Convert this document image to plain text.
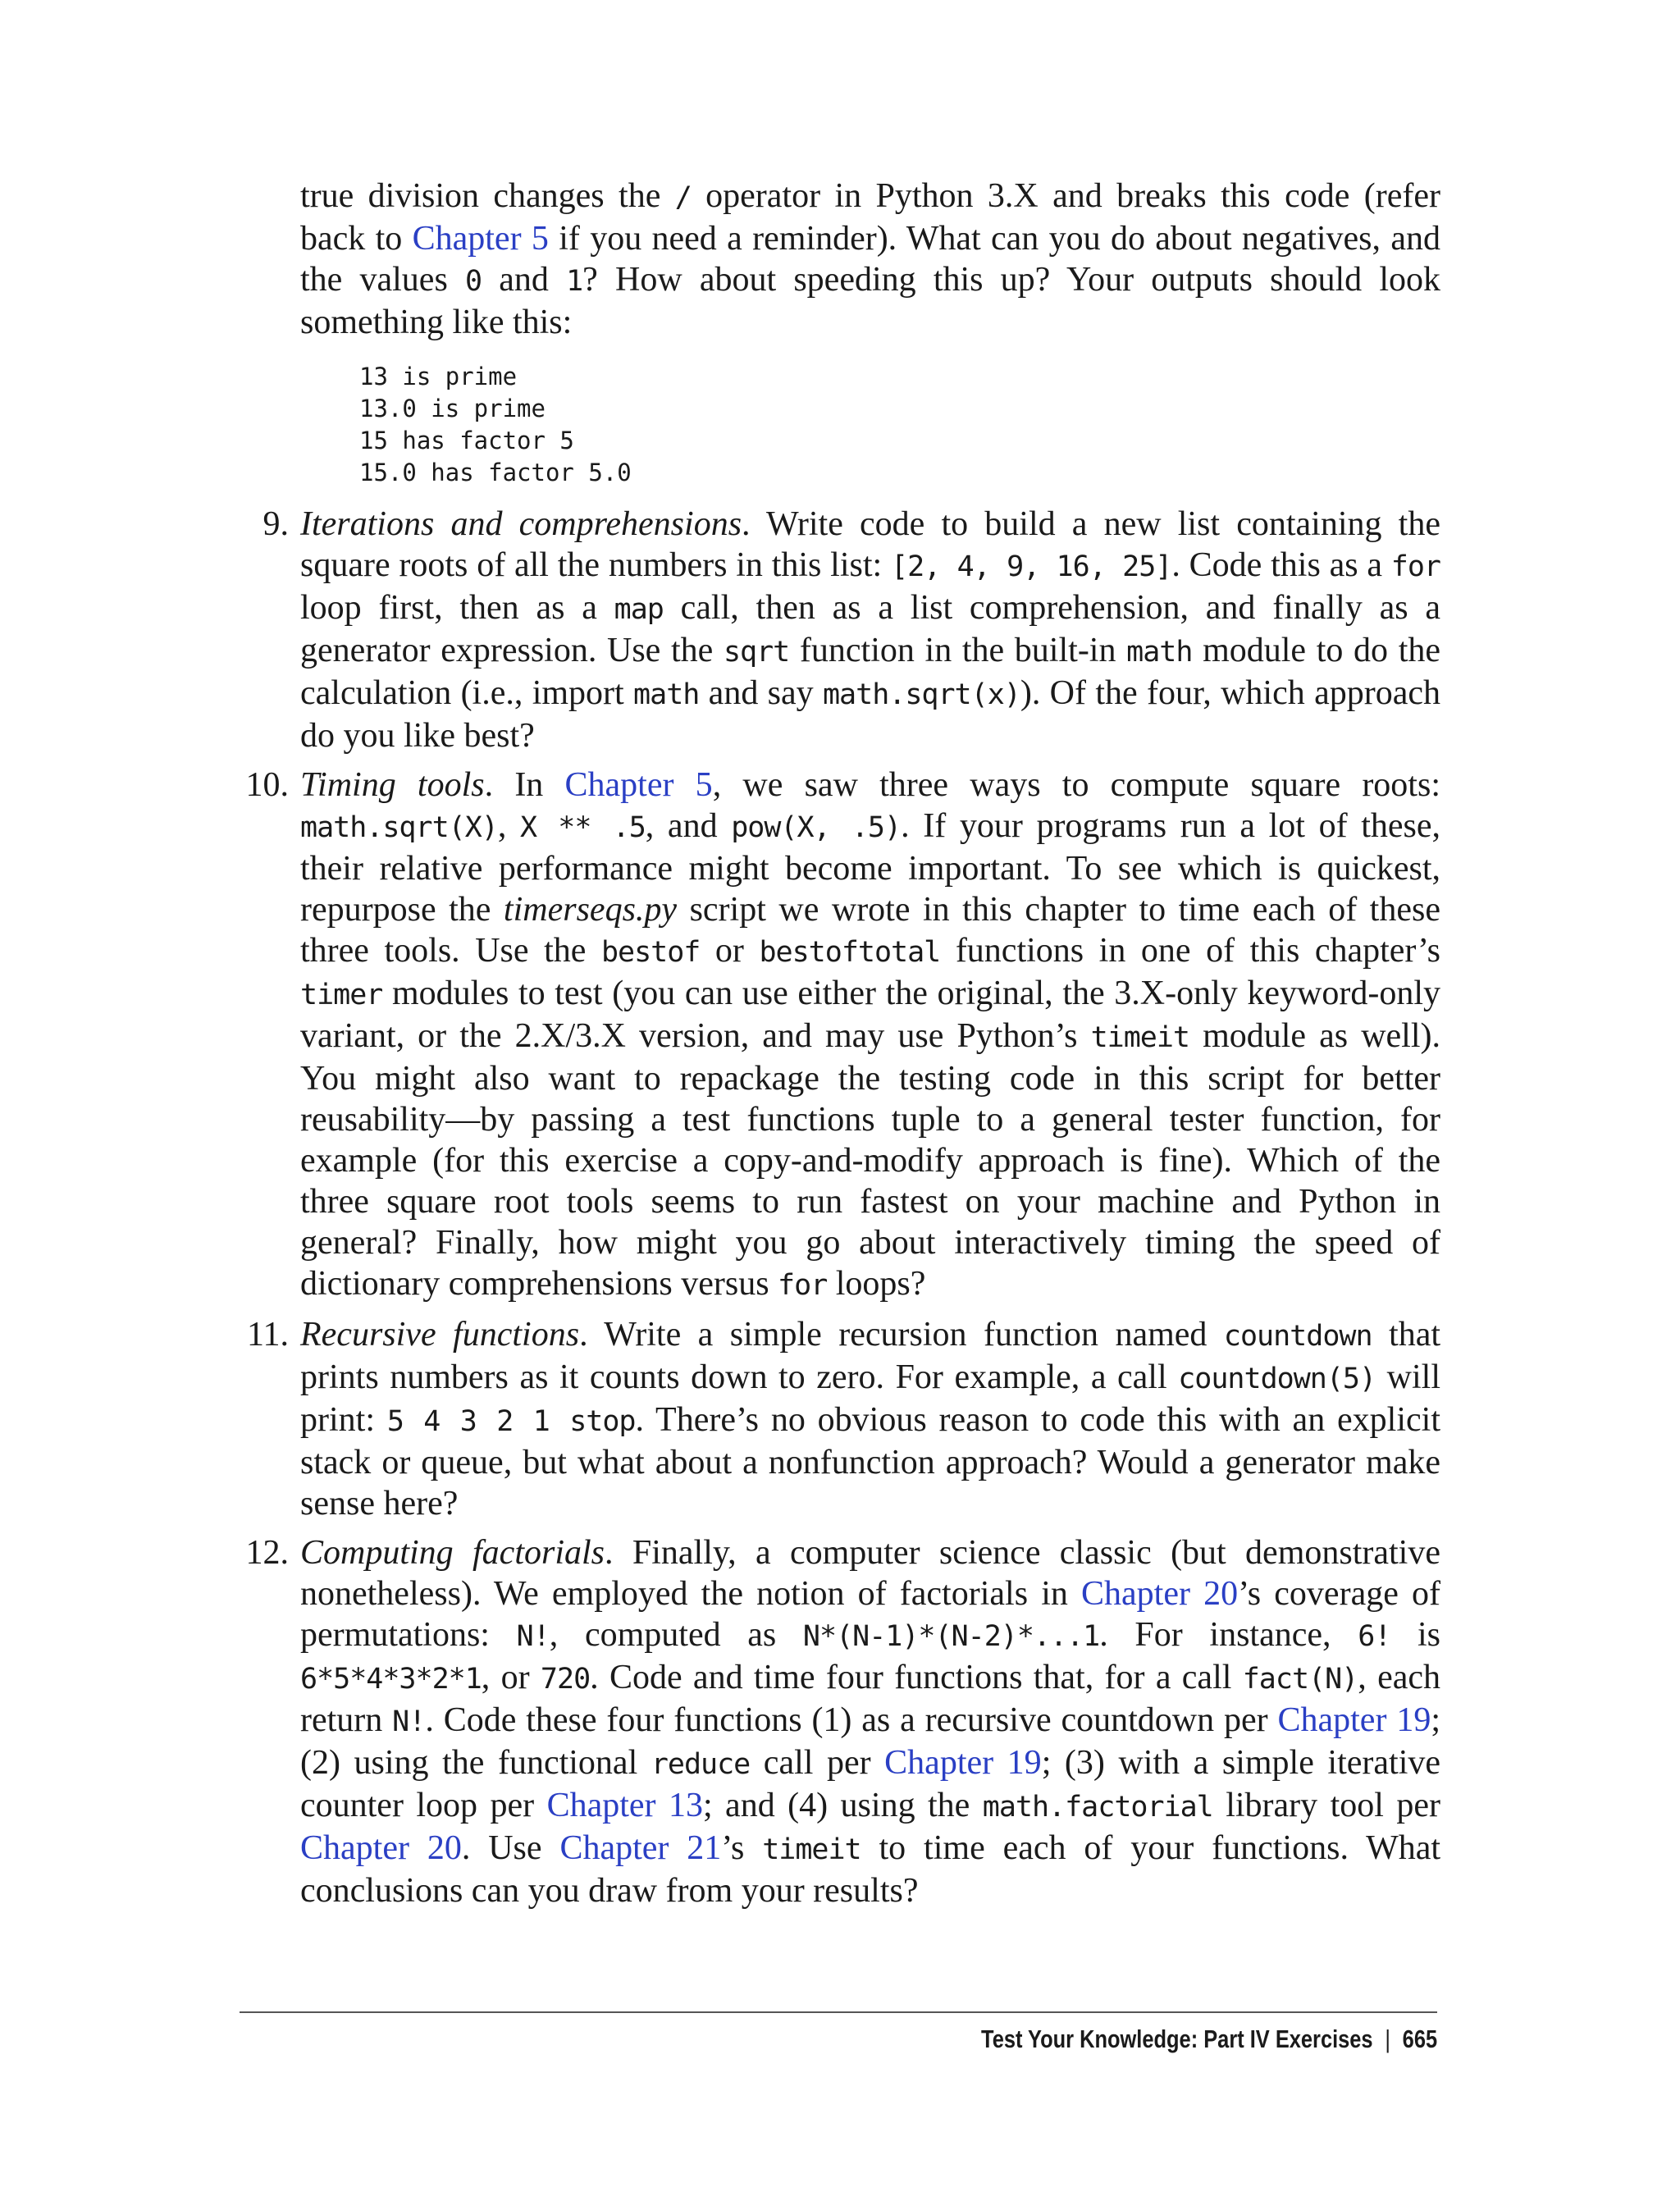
true division changes the / operator in Python 3.X and breaks this code (refer back to Chapter 5 if you need a reminder). What can you do about negatives, and the values 0 and 1? How about speeding this up? Your outputs should look something like this:

13 is prime
13.0 is prime
15 has factor 5
15.0 has factor 5.0
9. Iterations and comprehensions. Write code to build a new list containing the square roots of all the numbers in this list: [2, 4, 9, 16, 25]. Code this as a for loop first, then as a map call, then as a list comprehension, and finally as a generator expression. Use the sqrt function in the built-in math module to do the calculation (i.e., import math and say math.sqrt(x)). Of the four, which approach do you like best?

10. Timing tools. In Chapter 5, we saw three ways to compute square roots: math.sqrt(X), X ** .5, and pow(X, .5). If your programs run a lot of these, their relative performance might become important. To see which is quickest, repurpose the timerseqs.py script we wrote in this chapter to time each of these three tools. Use the bestof or bestoftotal functions in one of this chapter’s timer modules to test (you can use either the original, the 3.X-only keyword-only variant, or the 2.X/3.X version, and may use Python’s timeit module as well). You might also want to repackage the testing code in this script for better reusability—by passing a test functions tuple to a general tester function, for example (for this exercise a copy-and-modify approach is fine). Which of the three square root tools seems to run fastest on your machine and Python in general? Finally, how might you go about interactively timing the speed of dictionary comprehensions versus for loops?

11. Recursive functions. Write a simple recursion function named countdown that prints numbers as it counts down to zero. For example, a call countdown(5) will print: 5 4 3 2 1 stop. There’s no obvious reason to code this with an explicit stack or queue, but what about a nonfunction approach? Would a generator make sense here?

12. Computing factorials. Finally, a computer science classic (but demonstrative nonetheless). We employed the notion of factorials in Chapter 20’s coverage of permutations: N!, computed as N*(N-1)*(N-2)*...1. For instance, 6! is 6*5*4*3*2*1, or 720. Code and time four functions that, for a call fact(N), each return N!. Code these four functions (1) as a recursive countdown per Chapter 19; (2) using the functional reduce call per Chapter 19; (3) with a simple iterative counter loop per Chapter 13; and (4) using the math.factorial library tool per Chapter 20. Use Chapter 21’s timeit to time each of your functions. What conclusions can you draw from your results?

Test Your Knowledge: Part IV Exercises | 665
